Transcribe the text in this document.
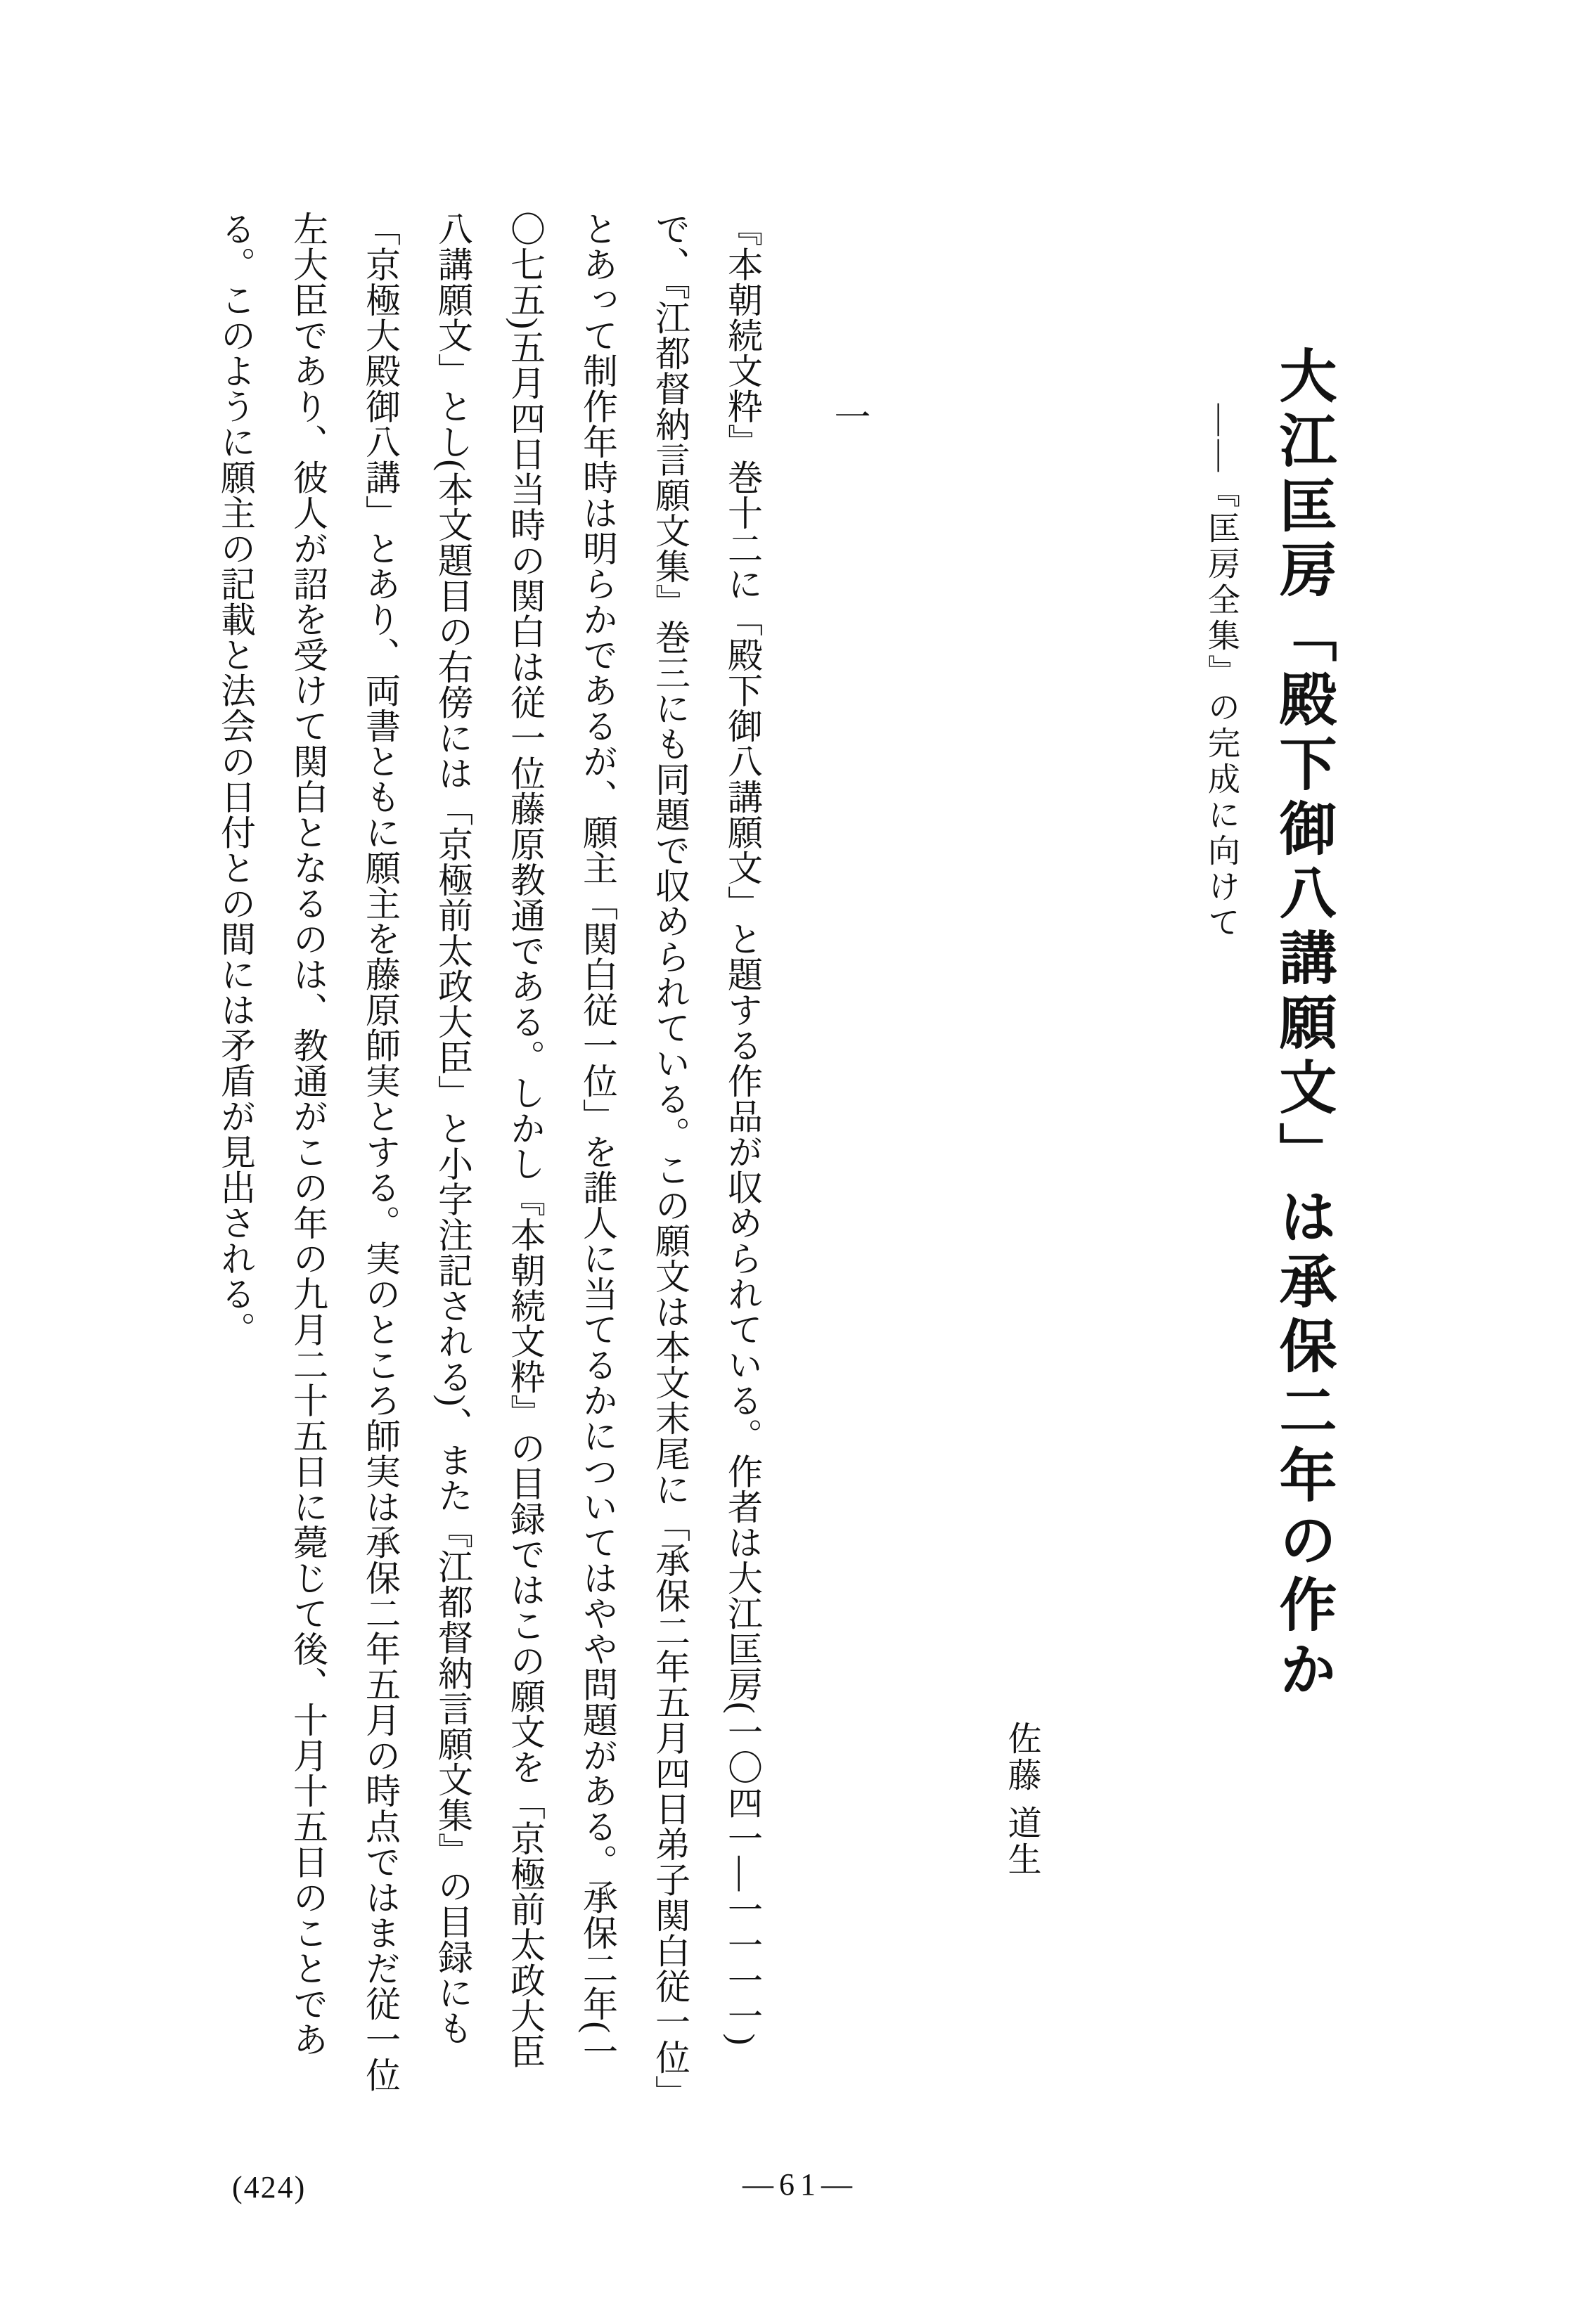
大江匡房「殿下御八講願文」は承保二年の作か
――『匡房全集』の完成に向けて
佐藤 道生
一
『本朝続文粋』巻十二に「殿下御八講願文」と題する作品が収められている。作者は大江匡房(一〇四一―一一一一)
で、『江都督納言願文集』巻三にも同題で収められている。この願文は本文末尾に「承保二年五月四日弟子関白従一位」
とあって制作年時は明らかであるが、願主「関白従一位」を誰人に当てるかについてはやや問題がある。承保二年(一
〇七五)五月四日当時の関白は従一位藤原教通である。しかし『本朝続文粋』の目録ではこの願文を「京極前太政大臣
八講願文」とし(本文題目の右傍には「京極前太政大臣」と小字注記される)、また『江都督納言願文集』の目録にも
「京極大殿御八講」とあり、両書ともに願主を藤原師実とする。実のところ師実は承保二年五月の時点ではまだ従一位
左大臣であり、彼人が詔を受けて関白となるのは、教通がこの年の九月二十五日に薨じて後、十月十五日のことであ
る。このように願主の記載と法会の日付との間には矛盾が見出される。
(424)	―61―
